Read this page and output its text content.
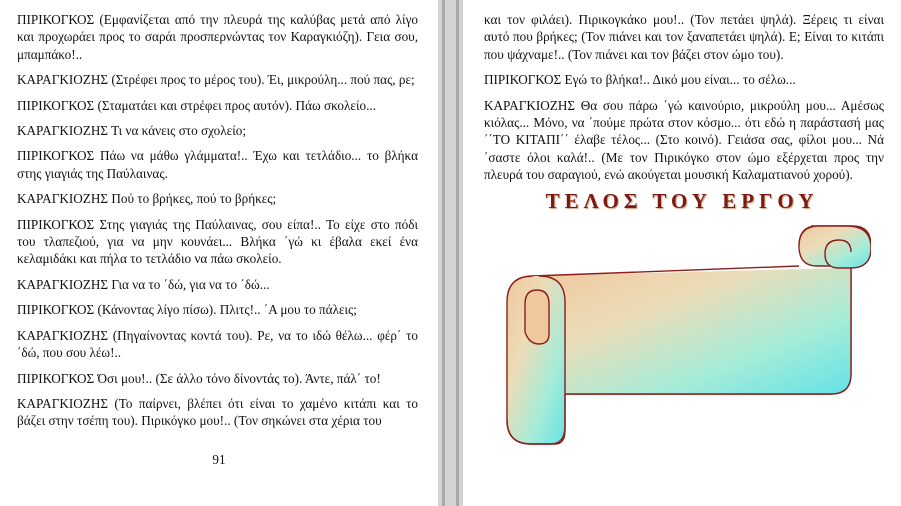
ΠΙΡΙΚΟΓΚΟΣ (Εμφανίζεται από την πλευρά της καλύβας μετά από λίγο και προχωράει προς το σαράι προσπερνώντας τον Καραγκιόζη). Γεια σου, μπαμπάκο!..

ΚΑΡΑΓΚΙΟΖΗΣ (Στρέφει προς το μέρος του). Έι, μικρούλη... πού πας, ρε;

ΠΙΡΙΚΟΓΚΟΣ (Σταματάει και στρέφει προς αυτόν). Πάω σκολείο...

ΚΑΡΑΓΚΙΟΖΗΣ Τι να κάνεις στο σχολείο;

ΠΙΡΙΚΟΓΚΟΣ Πάω να μάθω γλάμματα!.. Έχω και τετλάδιο... το βλήκα στης γιαγιάς της Παύλαινας.

ΚΑΡΑΓΚΙΟΖΗΣ Πού το βρήκες, πού το βρήκες;

ΠΙΡΙΚΟΓΚΟΣ Στης γιαγιάς της Παύλαινας, σου είπα!.. Το είχε στο πόδι του τλαπεζιού, για να μην κουνάει... Βλήκα ΄γώ κι έβαλα εκεί ένα κελαμιδάκι και πήλα το τετλάδιο να πάω σκολείο.

ΚΑΡΑΓΚΙΟΖΗΣ Για να το ΄δώ, για να το ΄δώ...

ΠΙΡΙΚΟΓΚΟΣ (Κάνοντας λίγο πίσω). Πλιτς!.. ΄Α μου το πάλεις;

ΚΑΡΑΓΚΙΟΖΗΣ (Πηγαίνοντας κοντά του). Ρε, να το ιδώ θέλω... φέρ΄ το ΄δώ, που σου λέω!..

ΠΙΡΙΚΟΓΚΟΣ Όσι μου!.. (Σε άλλο τόνο δίνοντάς το). Άντε, πάλ΄ το!

ΚΑΡΑΓΚΙΟΖΗΣ (Το παίρνει, βλέπει ότι είναι το χαμένο κιτάπι και το βάζει στην τσέπη του). Πιρικόγκο μου!.. (Τον σηκώνει στα χέρια του

91

και τον φιλάει). Πιρικογκάκο μου!.. (Τον πετάει ψηλά). Ξέρεις τι είναι αυτό που βρήκες; (Τον πιάνει και τον ξαναπετάει ψηλά). Ε; Είναι το κιτάπι που ψάχναμε!.. (Τον πιάνει και τον βάζει στον ώμο του).

ΠΙΡΙΚΟΓΚΟΣ Εγώ το βλήκα!.. Δικό μου είναι... το σέλω...

ΚΑΡΑΓΚΙΟΖΗΣ Θα σου πάρω ΄γώ καινούριο, μικρούλη μου... Αμέσως κιόλας... Μόνο, να ΄πούμε πρώτα στον κόσμο... ότι εδώ η παράστασή μας ΄΄ΤΟ ΚΙΤΑΠΙ΄΄ έλαβε τέλος... (Στο κοινό). Γειάσα σας, φίλοι μου... Νά ΄σαστε όλοι καλά!.. (Με τον Πιρικόγκο στον ώμο εξέρχεται προς την πλευρά του σαραγιού, ενώ ακούγεται μουσική Καλαματιανού χορού).

ΤΕΛΟΣ ΤΟΥ ΕΡΓΟΥ
